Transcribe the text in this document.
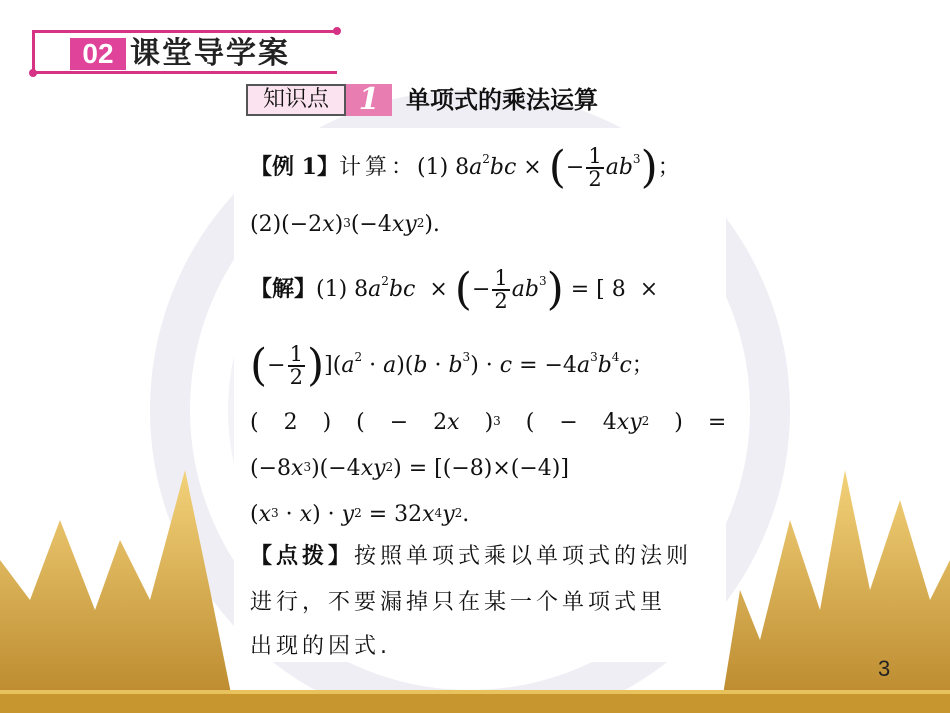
02 课堂导学案
知识点 1	单项式的乘法运算
【例 1】计算：(1) $8a^2bc$ × (− $\frac{1}{2} ab^3$)；
$(2)(-2x)^3(-4xy^2)$.
【解】(1) $8a^2bc$  × (− $\frac{1}{2} ab^3$) = [ 8  ×
(− $\frac{1}{2} )](a^2 \cdot a)(b \cdot b^3) \cdot c = -4a^3b^4c$；
( 2 ) ( − 2x )$^3$ ( − $4xy^2$ ) =
$(-8x^3)(-4xy^2) = [(-8)\times(-4)]$
$(x^3 \cdot x) \cdot y^2 = 32x^4y^2$.
【点拨】按照单项式乘以单项式的法则
进行，不要漏掉只在某一个单项式里
出现的因式.
3
